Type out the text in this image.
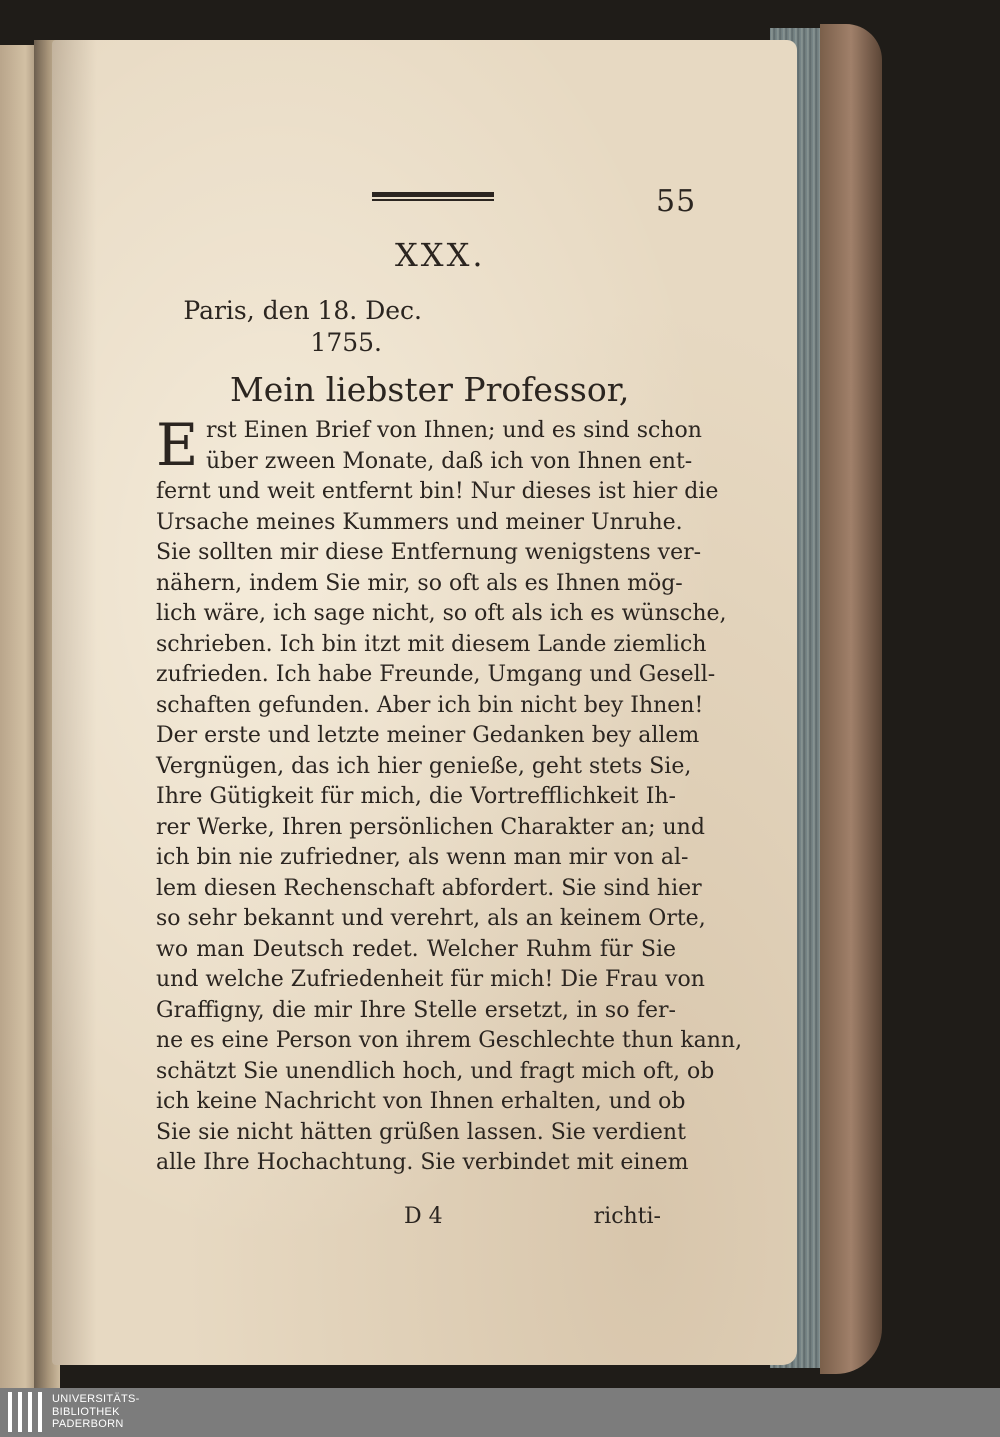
55
XXX.
Paris, den 18. Dec.
1755.
Mein liebster Professor,
E rst Einen Brief von Ihnen; und es sind schon
über zween Monate, daß ich von Ihnen ent-
fernt und weit entfernt bin! Nur dieses ist hier die
Ursache meines Kummers und meiner Unruhe.
Sie sollten mir diese Entfernung wenigstens ver-
nähern, indem Sie mir, so oft als es Ihnen mög-
lich wäre, ich sage nicht, so oft als ich es wünsche,
schrieben. Ich bin itzt mit diesem Lande ziemlich
zufrieden. Ich habe Freunde, Umgang und Gesell-
schaften gefunden. Aber ich bin nicht bey Ihnen!
Der erste und letzte meiner Gedanken bey allem
Vergnügen, das ich hier genieße, geht stets Sie,
Ihre Gütigkeit für mich, die Vortrefflichkeit Ih-
rer Werke, Ihren persönlichen Charakter an; und
ich bin nie zufriedner, als wenn man mir von al-
lem diesen Rechenschaft abfordert. Sie sind hier
so sehr bekannt und verehrt, als an keinem Orte,
wo man Deutsch redet. Welcher Ruhm für Sie
und welche Zufriedenheit für mich! Die Frau von
Graffigny, die mir Ihre Stelle ersetzt, in so fer-
ne es eine Person von ihrem Geschlechte thun kann,
schätzt Sie unendlich hoch, und fragt mich oft, ob
ich keine Nachricht von Ihnen erhalten, und ob
Sie sie nicht hätten grüßen lassen. Sie verdient
alle Ihre Hochachtung. Sie verbindet mit einem
D 4	richti-
UNIVERSITÄTS-
BIBLIOTHEK
PADERBORN
